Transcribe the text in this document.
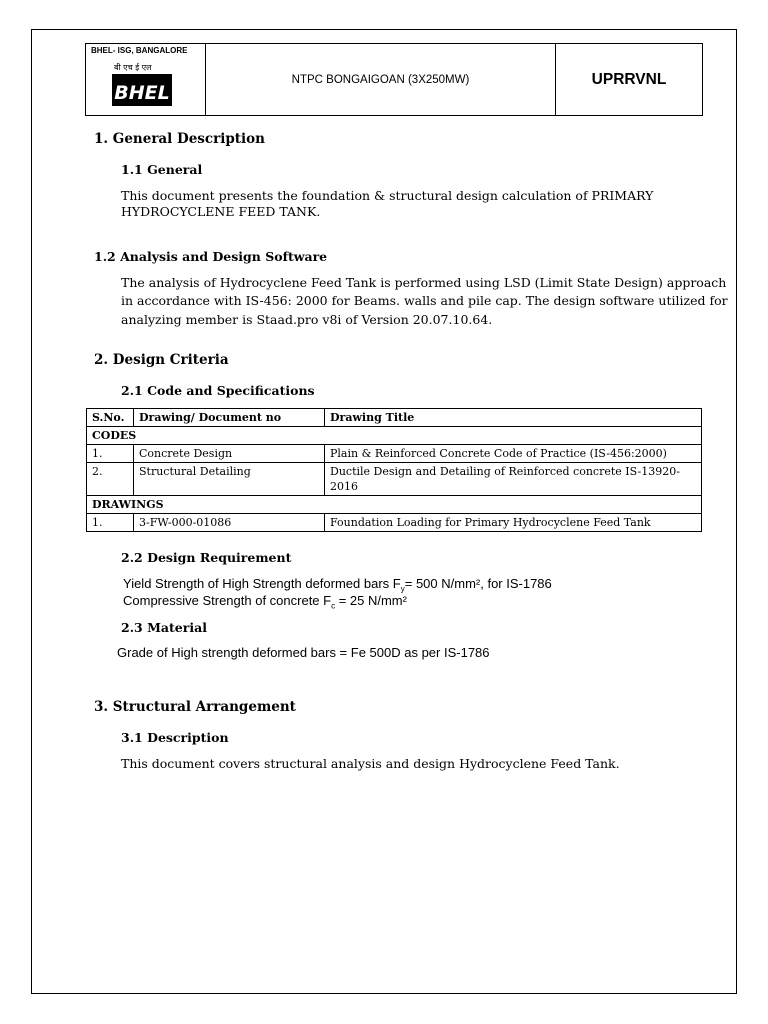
BHEL- ISG, BANGALORE
बी एच ई एल
BHEL
NTPC BONGAIGOAN (3X250MW)	UPRRVNL
1. General Description
1.1 General
This document presents the foundation & structural design calculation of PRIMARY
HYDROCYCLENE FEED TANK.
1.2 Analysis and Design Software
The analysis of Hydrocyclene Feed Tank is performed using LSD (Limit State Design) approach
in accordance with IS-456: 2000 for Beams. walls and pile cap. The design software utilized for
analyzing member is Staad.pro v8i of Version 20.07.10.64.
2. Design Criteria
2.1 Code and Specifications
S.No.	Drawing/ Document no	Drawing Title
CODES		
1.	Concrete Design	Plain & Reinforced Concrete Code of Practice (IS-456:2000)
2.	Structural Detailing	Ductile Design and Detailing of Reinforced concrete IS-13920-2016
DRAWINGS		
1.	3-FW-000-01086	Foundation Loading for Primary Hydrocyclene Feed Tank
2.2 Design Requirement
Yield Strength of High Strength deformed bars $F_y= 500$ N/mm², for IS-1786
Compressive Strength of concrete $F_c = 25$ N/mm²
2.3 Material
Grade of High strength deformed bars = Fe 500D as per IS-1786
3. Structural Arrangement
3.1 Description
This document covers structural analysis and design Hydrocyclene Feed Tank.
